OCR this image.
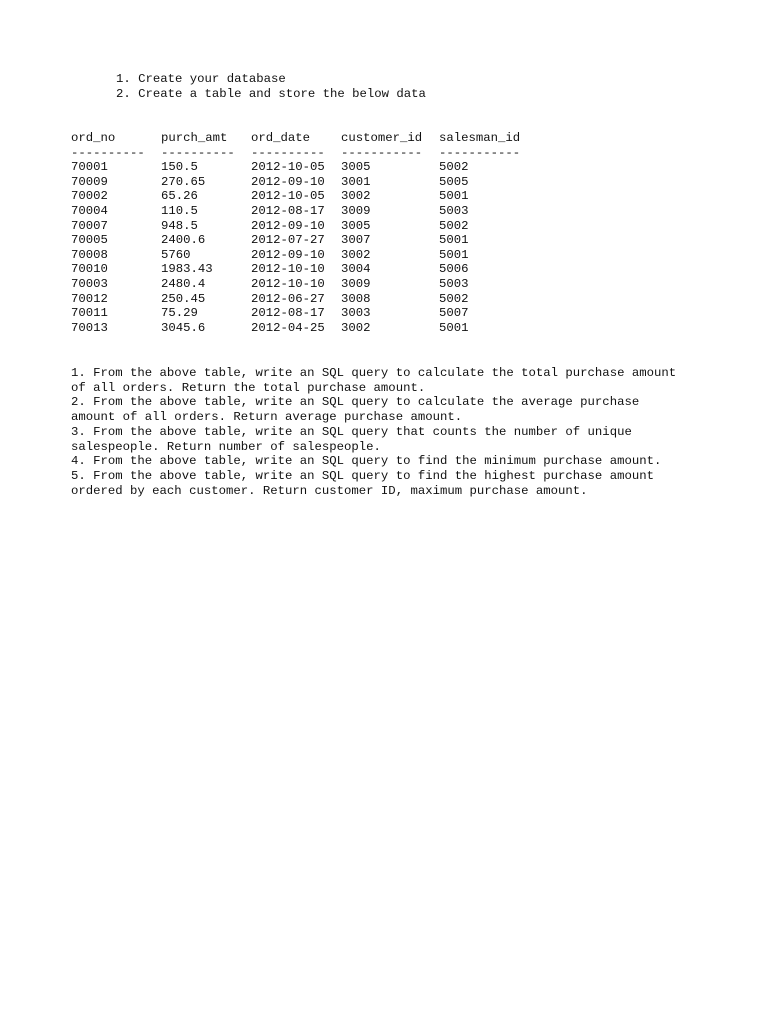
1. Create your database
2. Create a table and store the below data
ord_no	purch_amt	ord_date	customer_id	salesman_id
----------	----------	----------	-----------	-----------
70001	150.5	2012-10-05	3005	5002
70009	270.65	2012-09-10	3001	5005
70002	65.26	2012-10-05	3002	5001
70004	110.5	2012-08-17	3009	5003
70007	948.5	2012-09-10	3005	5002
70005	2400.6	2012-07-27	3007	5001
70008	5760	2012-09-10	3002	5001
70010	1983.43	2012-10-10	3004	5006
70003	2480.4	2012-10-10	3009	5003
70012	250.45	2012-06-27	3008	5002
70011	75.29	2012-08-17	3003	5007
70013	3045.6	2012-04-25	3002	5001

1. From the above table, write an SQL query to calculate the total purchase amount

of all orders. Return the total purchase amount.

2. From the above table, write an SQL query to calculate the average purchase

amount of all orders. Return average purchase amount.

3. From the above table, write an SQL query that counts the number of unique

salespeople. Return number of salespeople.

4. From the above table, write an SQL query to find the minimum purchase amount.

5. From the above table, write an SQL query to find the highest purchase amount

ordered by each customer. Return customer ID, maximum purchase amount.
